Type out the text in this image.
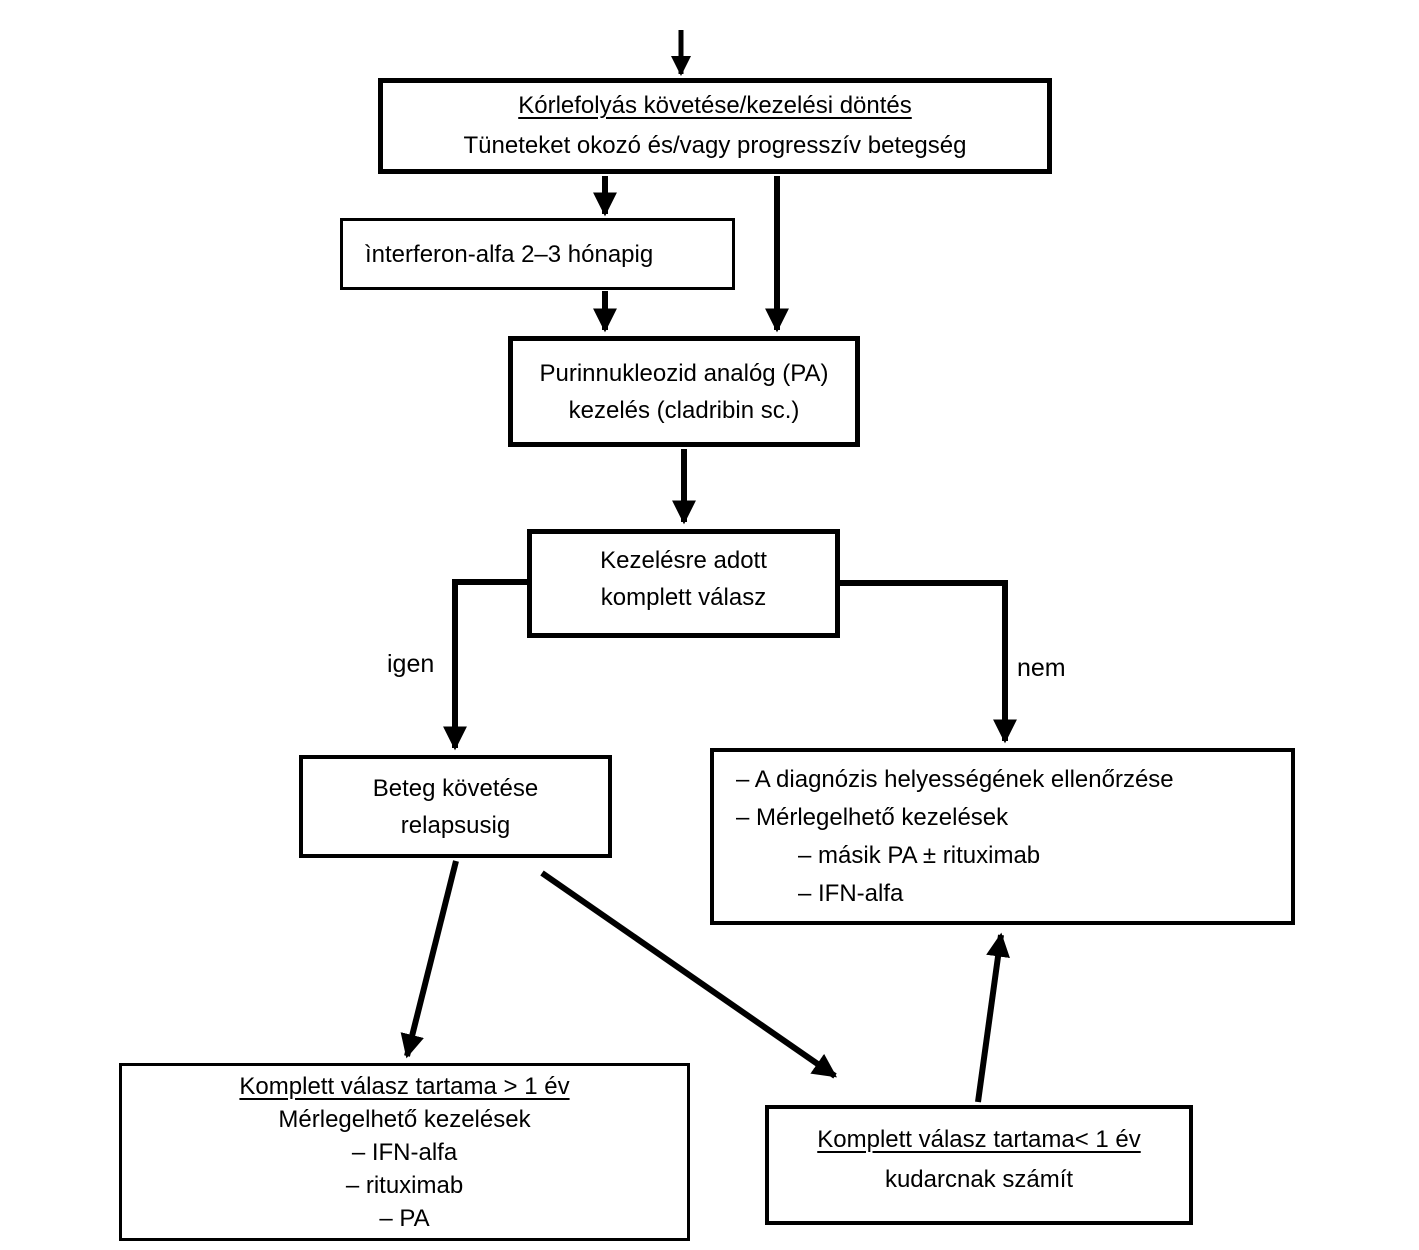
Kórlefolyás követése/kezelési döntés
Tüneteket okozó és/vagy progresszív betegség
ìnterferon-alfa 2–3 hónapig
Purinnukleozid analóg (PA)
kezelés (cladribin sc.)
Kezelésre adott
komplett válasz
igen	nem
Beteg követése
relapsusig
– A diagnózis helyességének ellenőrzése
– Mérlegelhető kezelések
– másik PA ± rituximab
– IFN-alfa
Komplett válasz tartama > 1 év
Mérlegelhető kezelések
– IFN-alfa
– rituximab
– PA
Komplett válasz tartama< 1 év
kudarcnak számít
